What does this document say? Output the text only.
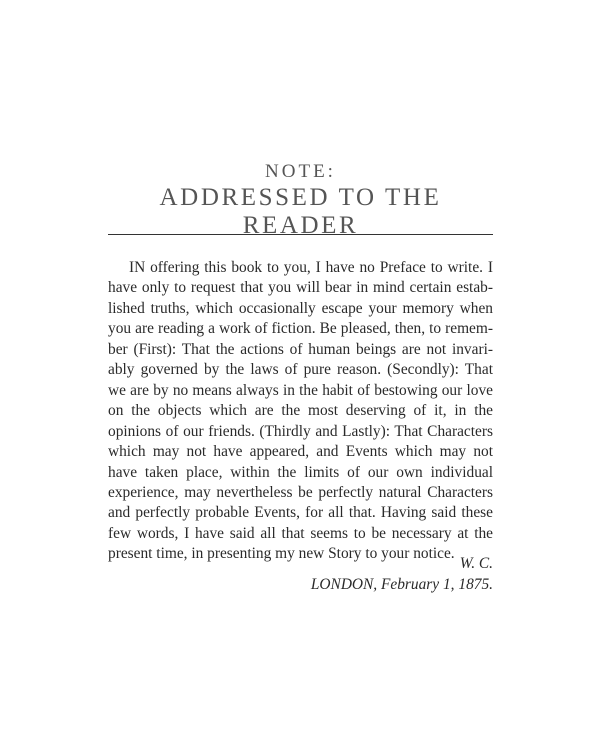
NOTE:
ADDRESSED TO THE READER

IN offering this book to you, I have no Preface to write. I have only to request that you will bear in mind certain established truths, which occasionally escape your memory when you are reading a work of fiction. Be pleased, then, to remember (First): That the actions of human beings are not invariably governed by the laws of pure reason. (Secondly): That we are by no means always in the habit of bestowing our love on the objects which are the most deserving of it, in the opinions of our friends. (Thirdly and Lastly): That Characters which may not have appeared, and Events which may not have taken place, within the limits of our own individual experience, may nevertheless be perfectly natural Characters and perfectly probable Events, for all that. Having said these few words, I have said all that seems to be necessary at the present time, in presenting my new Story to your notice.

W. C.

LONDON, February 1, 1875.
